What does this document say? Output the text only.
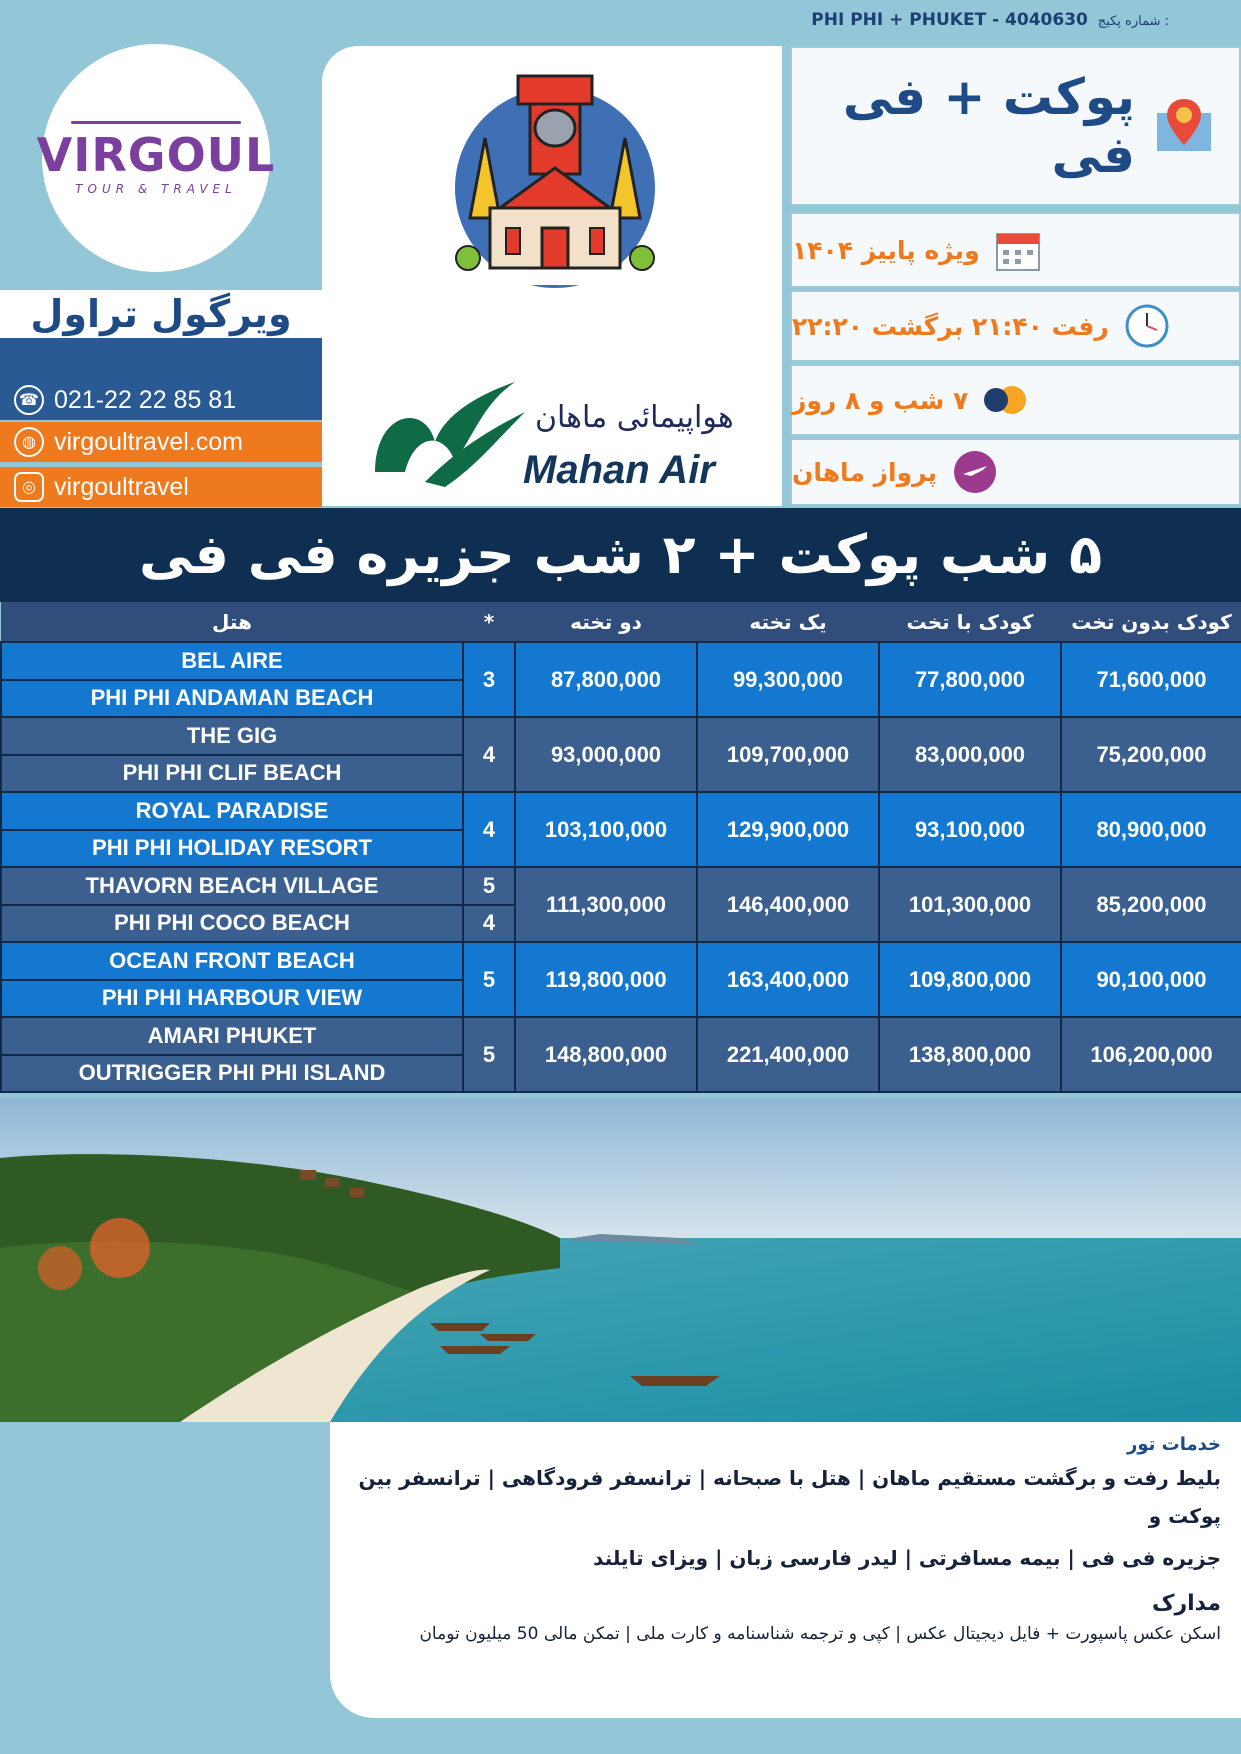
PHI PHI + PHUKET - 4040630 شماره پکیج :
VIRGOUL
TOUR & TRAVEL
ویرگول تراول
☎ 021-22 22 85 81
◍ virgoultravel.com
◎ virgoultravel
هواپیمائی ماهان
Mahan Air
پوکت + فی فی
ویژه پاییز ۱۴۰۴
رفت ۲۱:۴۰ برگشت ۲۲:۲۰
۷ شب و ۸ روز
پرواز ماهان
۵ شب پوکت + ۲ شب جزیره فی فی
هتل	*	دو تخته	یک تخته	کودک با تخت	کودک بدون تخت
BEL AIRE	3	87,800,000	99,300,000	77,800,000	71,600,000
PHI PHI ANDAMAN BEACH					
THE GIG	4	93,000,000	109,700,000	83,000,000	75,200,000
PHI PHI CLIF BEACH					
ROYAL PARADISE	4	103,100,000	129,900,000	93,100,000	80,900,000
PHI PHI HOLIDAY RESORT					
THAVORN BEACH VILLAGE	5	111,300,000	146,400,000	101,300,000	85,200,000
PHI PHI COCO BEACH	4				
OCEAN FRONT BEACH	5	119,800,000	163,400,000	109,800,000	90,100,000
PHI PHI HARBOUR VIEW					
AMARI PHUKET	5	148,800,000	221,400,000	138,800,000	106,200,000
OUTRIGGER PHI PHI ISLAND					
خدمات تور
بلیط رفت و برگشت مستقیم ماهان | هتل با صبحانه | ترانسفر فرودگاهی | ترانسفر بین پوکت و
جزیره فی فی | بیمه مسافرتی | لیدر فارسی زبان | ویزای تایلند
مدارک
اسکن عکس پاسپورت + فایل دیجیتال عکس | کپی و ترجمه شناسنامه و کارت ملی | تمکن مالی 50 میلیون تومان
